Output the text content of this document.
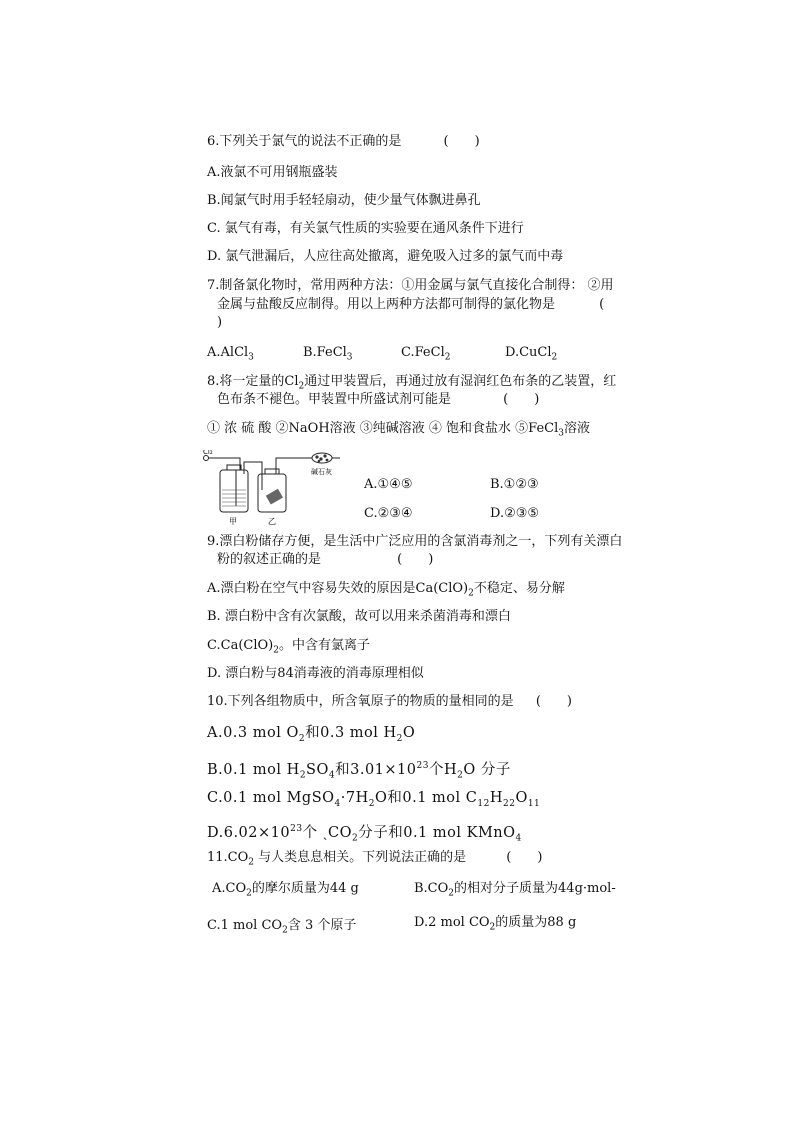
6.下列关于氯气的说法不正确的是	(　　)
A.液氯不可用钢瓶盛装
B.闻氯气时用手轻轻扇动，使少量气体飘进鼻孔
C. 氯气有毒，有关氯气性质的实验要在通风条件下进行
D. 氯气泄漏后，人应往高处撤离，避免吸入过多的氯气而中毒
7.制备氯化物时，常用两种方法：①用金属与氯气直接化合制得： ②用
金属与盐酸反应制得。用以上两种方法都可制得的氯化物是	(
)
A.AlCl$_3$	B.FeCl$_3$	C.FeCl$_2$	D.CuCl$_2$
8.将一定量的$Cl_2$通过甲装置后，再通过放有湿润红色布条的乙装置，红
色布条不褪色。甲装置中所盛试剂可能是	(　　)
① 浓 硫 酸 ②NaOH溶液 ③纯碱溶液 ④ 饱和食盐水 ⑤FeCl$_3$溶液
Cl₂
甲	乙
碱石灰
A.①④⑤	B.①②③
C.②③④	D.②③⑤
9.漂白粉储存方便，是生活中广泛应用的含氯消毒剂之一，下列有关漂白
粉的叙述正确的是	(　　)
A.漂白粉在空气中容易失效的原因是$Ca(ClO)_2$不稳定、易分解
B. 漂白粉中含有次氯酸，故可以用来杀菌消毒和漂白
$C.Ca(ClO)_2$。中含有氯离子
D. 漂白粉与84消毒液的消毒原理相似
10.下列各组物质中，所含氧原子的物质的量相同的是 (　　)
A.0.3 mol $O_2$和0.3 mol $H_2O$
B.0.1 mol $H_2SO_4$和$3.01\times 10^{23}$个$H_2O$ 分子
C.0.1 mol $MgSO_4\cdot 7H_2O$和0.1 mol $C_{12}H_{22}O_{11}$
$D.6.02\times 10^{23}$个 ˏCO$_2$分子和0.1 mol KMnO$_4$
$11.CO_2$ 与人类息息相关。下列说法正确的是	(　　)
$A.CO_2$的摩尔质量为44 g	$B.CO_2$的相对分子质量为44g·mol-
C.1 mol $CO_2$含 3 个原子	D.2 mol $CO_2$的质量为88 g
